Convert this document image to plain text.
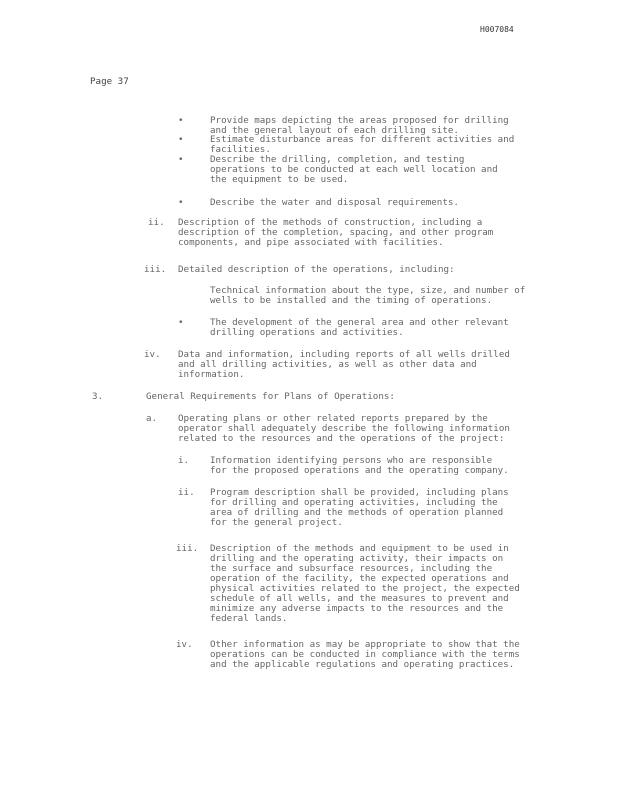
H007084
Page 37
•	Provide maps depicting the areas proposed for drilling and the general layout of each drilling site.
•	Estimate disturbance areas for different activities and facilities.
•	Describe the drilling, completion, and testing operations to be conducted at each well location and the equipment to be used.
•	Describe the water and disposal requirements.
ii. Description of the methods of construction, including a description of the completion, spacing, and other program components, and pipe associated with facilities.
iii. Detailed description of the operations, including:
Technical information about the type, size, and number of wells to be installed and the timing of operations.
•	The development of the general area and other relevant drilling operations and activities.
iv. Data and information, including reports of all wells drilled and all drilling activities, as well as other data and information.
3.	General Requirements for Plans of Operations:
a. Operating plans or other related reports prepared by the operator shall adequately describe the following information related to the resources and the operations of the project:
i. Information identifying persons who are responsible for the proposed operations and the operating company.
ii. Program description shall be provided, including plans for drilling and operating activities, including the area of drilling and the methods of operation planned for the general project.
iii. Description of the methods and equipment to be used in drilling and the operating activity, their impacts on the surface and subsurface resources, including the operation of the facility, the expected operations and physical activities related to the project, the expected schedule of all wells, and the measures to prevent and minimize any adverse impacts to the resources and the federal lands.
iv. Other information as may be appropriate to show that the operations can be conducted in compliance with the terms and the applicable regulations and operating practices.
